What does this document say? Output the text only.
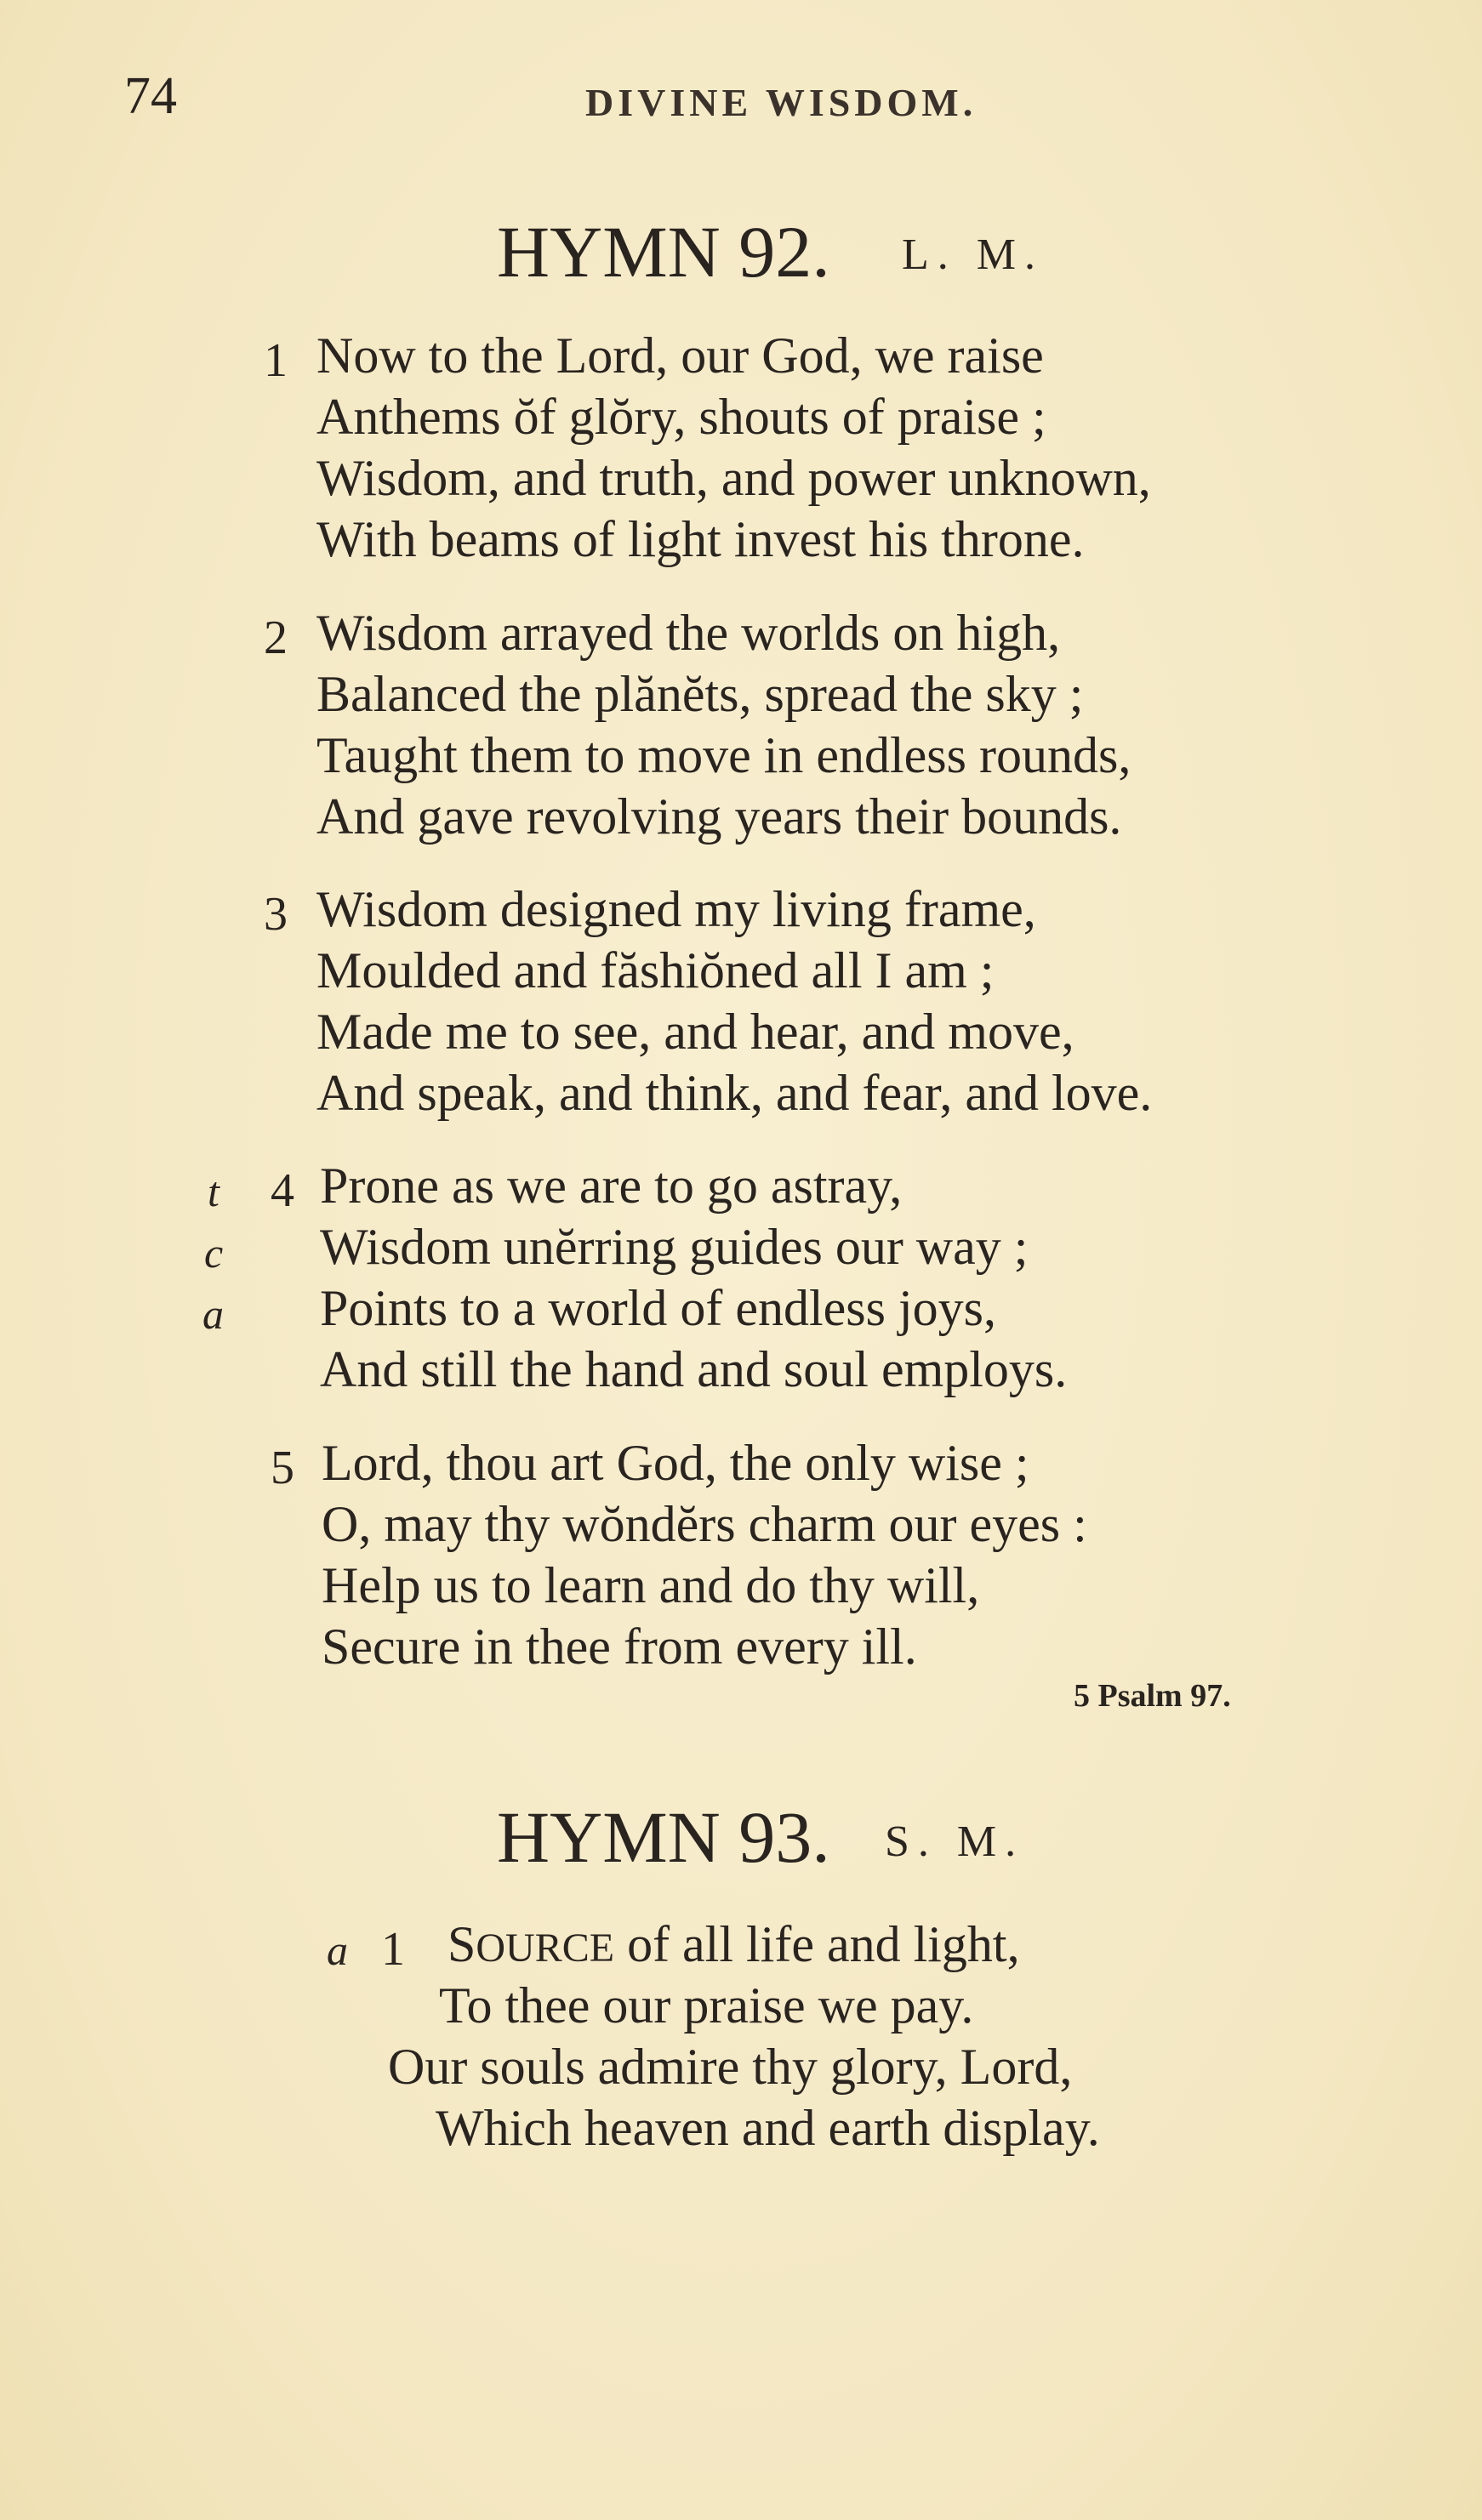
74	DIVINE WISDOM.
HYMN 92. L. M.
1 Now to the Lord, our God, we raise
Anthems ŏf glŏry, shouts of praise ;
Wisdom, and truth, and power unknown,
With beams of light invest his throne.
2 Wisdom arrayed the worlds on high,
Balanced the plănĕts, spread the sky ;
Taught them to move in endless rounds,
And gave revolving years their bounds.
3 Wisdom designed my living frame,
Moulded and făshiŏned all I am ;
Made me to see, and hear, and move,
And speak, and think, and fear, and love.
t
c
a
4 Prone as we are to go astray,
Wisdom unĕrring guides our way ;
Points to a world of endless joys,
And still the hand and soul employs.
5 Lord, thou art God, the only wise ;
O, may thy wŏndĕrs charm our eyes :
Help us to learn and do thy will,
Secure in thee from every ill.
5 Psalm 97.
HYMN 93. S. M.
a 1 SOURCE of all life and light,
To thee our praise we pay.
Our souls admire thy glory, Lord,
Which heaven and earth display.
